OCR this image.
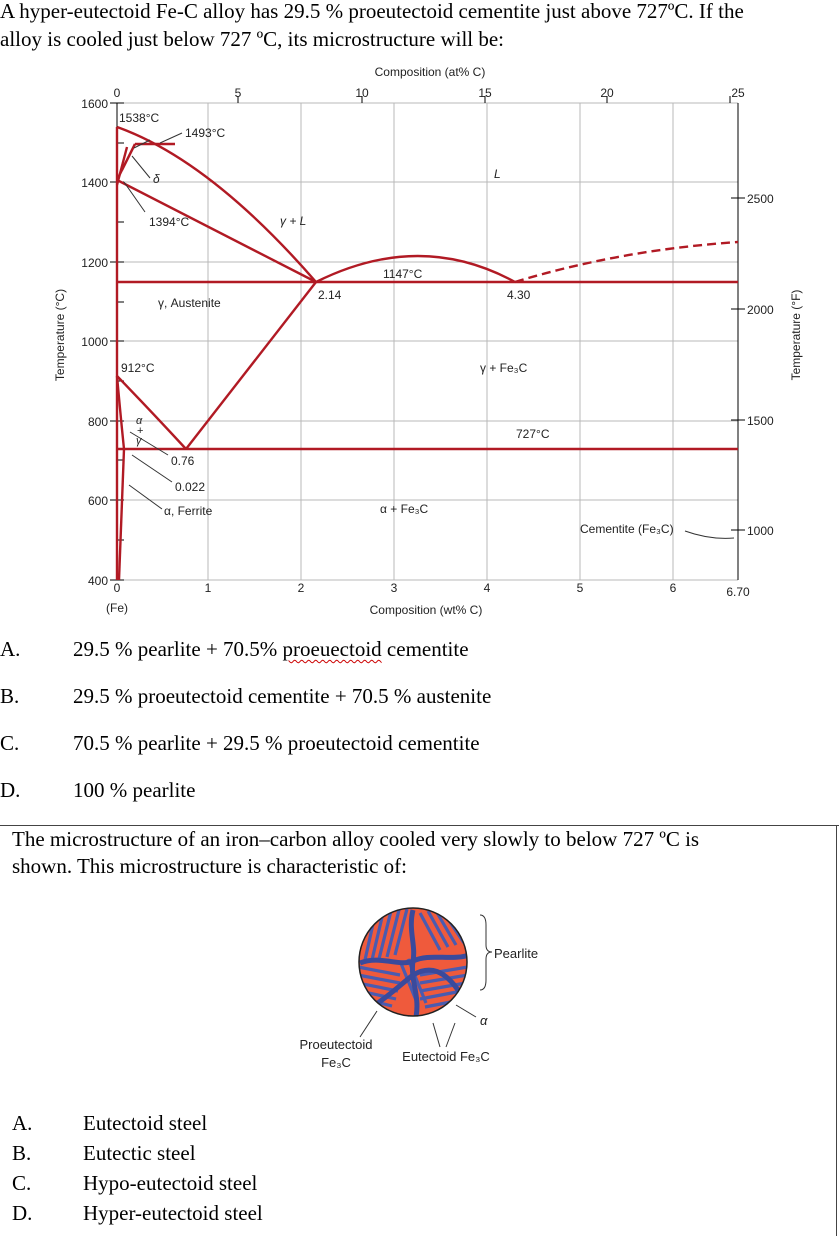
A hyper-eutectoid Fe-C alloy has 29.5 % proeutectoid cementite just above 727ºC. If the
alloy is cooled just below 727 ºC, its microstructure will be:
Composition (at% C)
0	5	10	15	20	25
1600
1400
1200
1000
800
600
400
2500
2000
1500
1000
0	1	2	3	4	5	6	6.70
(Fe)	Composition (wt% C)
Temperature (°C)	Temperature (°F)
1538°C
1493°C
δ
1394°C	γ + L
L
1147°C
2.14	4.30
γ, Austenite
912°C	γ + Fe₃C
α
+
γ	727°C
0.76
0.022
α, Ferrite	α + Fe₃C
Cementite (Fe₃C)
A.	29.5 % pearlite + 70.5% proeuectoid cementite
B.	29.5 % proeutectoid cementite + 70.5 % austenite
C.	70.5 % pearlite + 29.5 % proeutectoid cementite
D.	100 % pearlite
The microstructure of an iron–carbon alloy cooled very slowly to below 727 ºC is
shown. This microstructure is characteristic of:
Pearlite
α
Proeutectoid
Fe₃C	Eutectoid Fe₃C
A. Eutectoid steel
B. Eutectic steel
C. Hypo-eutectoid steel
D. Hyper-eutectoid steel
